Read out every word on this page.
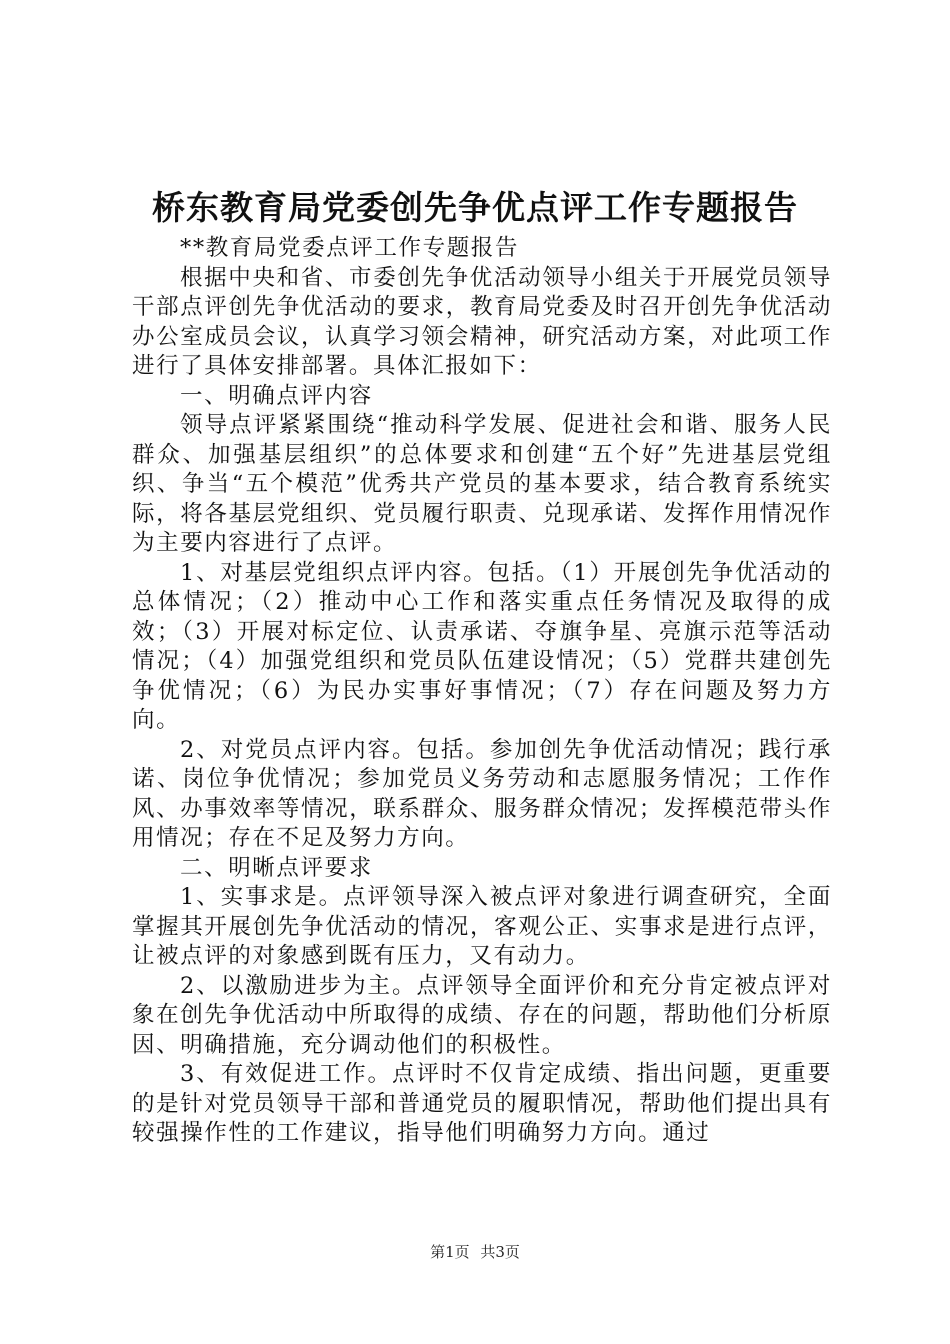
桥东教育局党委创先争优点评工作专题报告

**教育局党委点评工作专题报告

根据中央和省、市委创先争优活动领导小组关于开展党员领导干部点评创先争优活动的要求，教育局党委及时召开创先争优活动办公室成员会议，认真学习领会精神，研究活动方案，对此项工作进行了具体安排部署。具体汇报如下：

一、明确点评内容

领导点评紧紧围绕“推动科学发展、促进社会和谐、服务人民群众、加强基层组织”的总体要求和创建“五个好”先进基层党组织、争当“五个模范”优秀共产党员的基本要求，结合教育系统实际，将各基层党组织、党员履行职责、兑现承诺、发挥作用情况作为主要内容进行了点评。

1、对基层党组织点评内容。包括。（1）开展创先争优活动的总体情况；（2）推动中心工作和落实重点任务情况及取得的成效；（3）开展对标定位、认责承诺、夺旗争星、亮旗示范等活动情况；（4）加强党组织和党员队伍建设情况；（5）党群共建创先争优情况；（6）为民办实事好事情况；（7）存在问题及努力方向。

2、对党员点评内容。包括。参加创先争优活动情况；践行承诺、岗位争优情况；参加党员义务劳动和志愿服务情况；工作作风、办事效率等情况，联系群众、服务群众情况；发挥模范带头作用情况；存在不足及努力方向。

二、明晰点评要求

1、实事求是。点评领导深入被点评对象进行调查研究，全面掌握其开展创先争优活动的情况，客观公正、实事求是进行点评，让被点评的对象感到既有压力，又有动力。

2、以激励进步为主。点评领导全面评价和充分肯定被点评对象在创先争优活动中所取得的成绩、存在的问题，帮助他们分析原因、明确措施，充分调动他们的积极性。

3、有效促进工作。点评时不仅肯定成绩、指出问题，更重要的是针对党员领导干部和普通党员的履职情况，帮助他们提出具有较强操作性的工作建议，指导他们明确努力方向。通过

第1页 共3页
